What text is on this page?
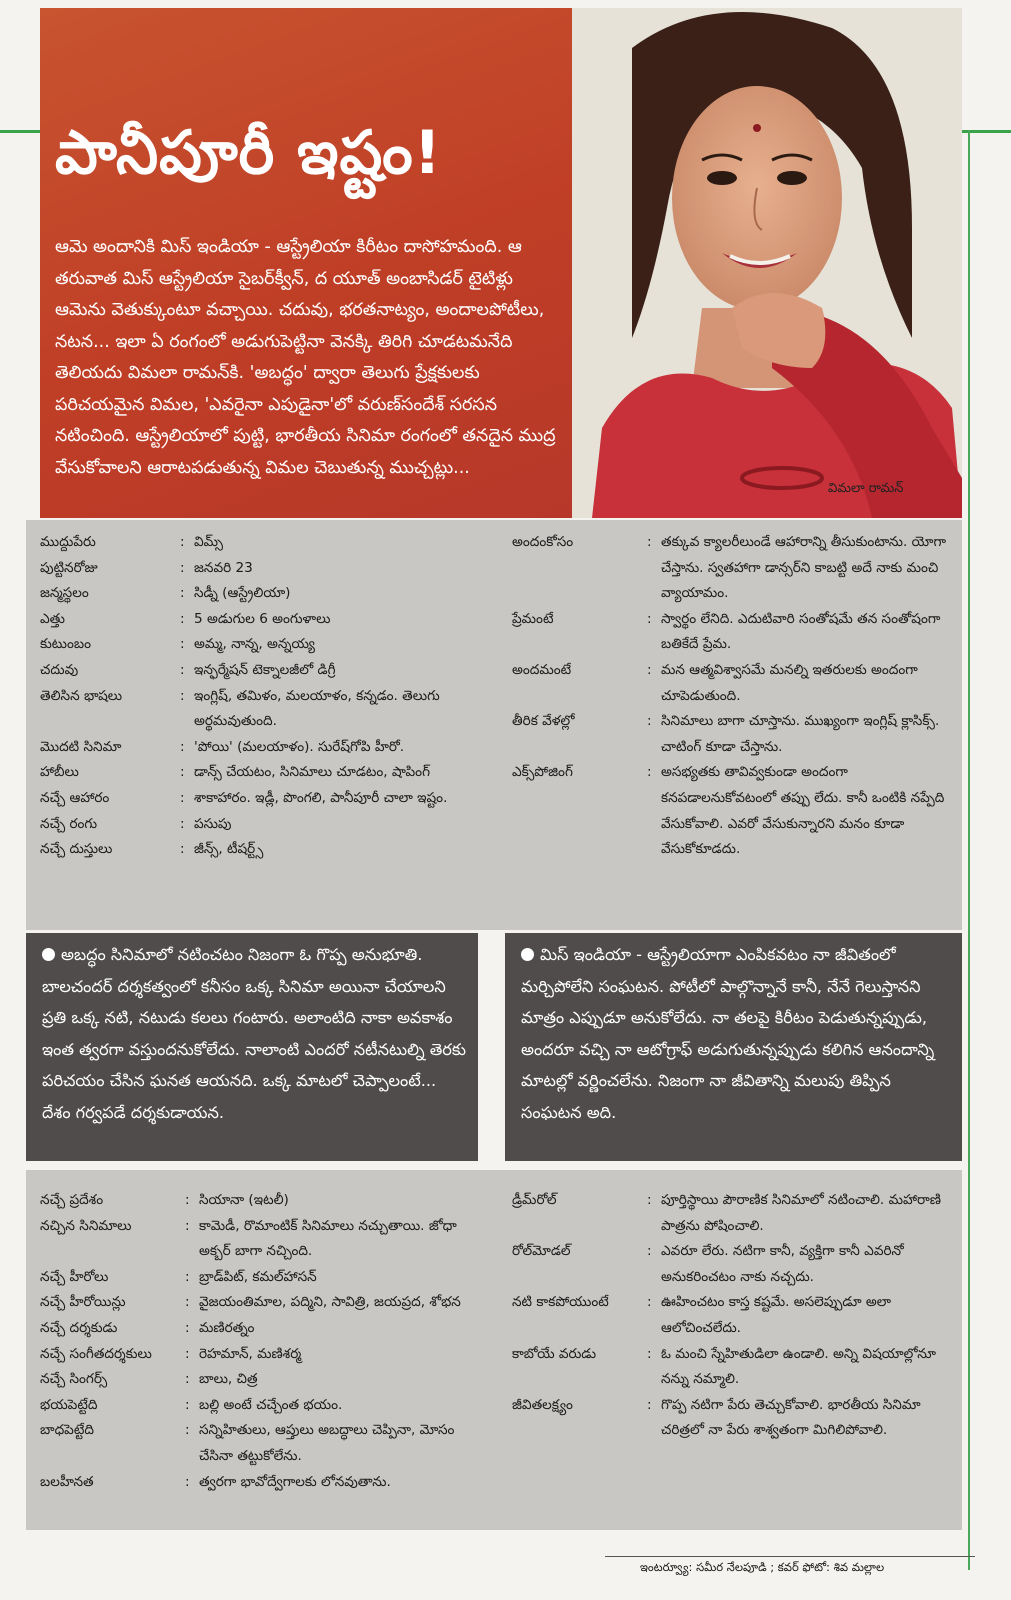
పానీపూరీ ఇష్టం!
ఆమె అందానికి మిస్ ఇండియా - ఆస్ట్రేలియా కిరీటం దాసోహమంది. ఆ తరువాత మిస్ ఆస్ట్రేలియా సైబర్‌క్వీన్, ద యూత్ అంబాసిడర్ టైటిళ్లు ఆమెను వెతుక్కుంటూ వచ్చాయి. చదువు, భరతనాట్యం, అందాలపోటీలు, నటన... ఇలా ఏ రంగంలో అడుగుపెట్టినా వెనక్కి తిరిగి చూడటమనేది తెలియదు విమలా రామన్‌కి. 'అబద్ధం' ద్వారా తెలుగు ప్రేక్షకులకు పరిచయమైన విమల, 'ఎవరైనా ఎపుడైనా'లో వరుణ్‌సందేశ్ సరసన నటించింది. ఆస్ట్రేలియాలో పుట్టి, భారతీయ సినిమా రంగంలో తనదైన ముద్ర వేసుకోవాలని ఆరాటపడుతున్న విమల చెబుతున్న ముచ్చట్లు...
విమలా రామన్
ముద్దుపేరు	:	విమ్స్
పుట్టినరోజు	:	జనవరి 23
జన్మస్థలం	:	సిడ్నీ (ఆస్ట్రేలియా)
ఎత్తు	:	5 అడుగుల 6 అంగుళాలు
కుటుంబం	:	అమ్మ, నాన్న, అన్నయ్య
చదువు	:	ఇన్ఫర్మేషన్ టెక్నాలజీలో డిగ్రీ
తెలిసిన భాషలు	:	ఇంగ్లిష్, తమిళం, మలయాళం, కన్నడం. తెలుగు అర్థమవుతుంది.
మొదటి సినిమా	:	'పోయి' (మలయాళం). సురేష్‌గోపి హీరో.
హాబీలు	:	డాన్స్ చేయటం, సినిమాలు చూడటం, షాపింగ్
నచ్చే ఆహారం	:	శాకాహారం. ఇడ్లీ, పొంగలి, పానీపూరీ చాలా ఇష్టం.
నచ్చే రంగు	:	పసుపు
నచ్చే దుస్తులు	:	జీన్స్, టీషర్ట్స్
అందంకోసం	:	తక్కువ క్యాలరీలుండే ఆహారాన్ని తీసుకుంటాను. యోగా చేస్తాను. స్వతహాగా డాన్సర్‌ని కాబట్టి అదే నాకు మంచి వ్యాయామం.
ప్రేమంటే	:	స్వార్థం లేనిది. ఎదుటివారి సంతోషమే తన సంతోషంగా బతికేదే ప్రేమ.
అందమంటే	:	మన ఆత్మవిశ్వాసమే మనల్ని ఇతరులకు అందంగా చూపెడుతుంది.
తీరిక వేళల్లో	:	సినిమాలు బాగా చూస్తాను. ముఖ్యంగా ఇంగ్లిష్ క్లాసిక్స్. చాటింగ్ కూడా చేస్తాను.
ఎక్స్‌పోజింగ్	:	అసభ్యతకు తావివ్వకుండా అందంగా కనపడాలనుకోవటంలో తప్పు లేదు. కానీ ఒంటికి నప్పేది వేసుకోవాలి. ఎవరో వేసుకున్నారని మనం కూడా వేసుకోకూడదు.
అబద్ధం సినిమాలో నటించటం నిజంగా ఓ గొప్ప అనుభూతి. బాలచందర్ దర్శకత్వంలో కనీసం ఒక్క సినిమా అయినా చేయాలని ప్రతి ఒక్క నటి, నటుడు కలలు గంటారు. అలాంటిది నాకా అవకాశం ఇంత త్వరగా వస్తుందనుకోలేదు. నాలాంటి ఎందరో నటీనటుల్ని తెరకు పరిచయం చేసిన ఘనత ఆయనది. ఒక్క మాటలో చెప్పాలంటే... దేశం గర్వపడే దర్శకుడాయన.
మిస్ ఇండియా - ఆస్ట్రేలియాగా ఎంపికవటం నా జీవితంలో మర్చిపోలేని సంఘటన. పోటీలో పాల్గొన్నానే కానీ, నేనే గెలుస్తానని మాత్రం ఎప్పుడూ అనుకోలేదు. నా తలపై కిరీటం పెడుతున్నప్పుడు, అందరూ వచ్చి నా ఆటోగ్రాఫ్ అడుగుతున్నప్పుడు కలిగిన ఆనందాన్ని మాటల్లో వర్ణించలేను. నిజంగా నా జీవితాన్ని మలుపు తిప్పిన సంఘటన అది.
నచ్చే ప్రదేశం	:	సియానా (ఇటలీ)
నచ్చిన సినిమాలు	:	కామెడీ, రొమాంటిక్ సినిమాలు నచ్చుతాయి. జోధా అక్బర్ బాగా నచ్చింది.
నచ్చే హీరోలు	:	బ్రాడ్‌పిట్, కమల్‌హాసన్
నచ్చే హీరోయిన్లు	:	వైజయంతిమాల, పద్మిని, సావిత్రి, జయప్రద, శోభన
నచ్చే దర్శకుడు	:	మణిరత్నం
నచ్చే సంగీతదర్శకులు	:	రెహమాన్, మణిశర్మ
నచ్చే సింగర్స్	:	బాలు, చిత్ర
భయపెట్టేది	:	బల్లి అంటే చచ్చేంత భయం.
బాధపెట్టేది	:	సన్నిహితులు, ఆప్తులు అబద్ధాలు చెప్పినా, మోసం చేసినా తట్టుకోలేను.
బలహీనత	:	త్వరగా భావోద్వేగాలకు లోనవుతాను.
డ్రీమ్‌రోల్	:	పూర్తిస్థాయి పౌరాణిక సినిమాలో నటించాలి. మహారాణి పాత్రను పోషించాలి.
రోల్‌మోడల్	:	ఎవరూ లేరు. నటిగా కానీ, వ్యక్తిగా కానీ ఎవరినో అనుకరించటం నాకు నచ్చదు.
నటి కాకపోయుంటే	:	ఊహించటం కాస్త కష్టమే. అసలెప్పుడూ అలా ఆలోచించలేదు.
కాబోయే వరుడు	:	ఓ మంచి స్నేహితుడిలా ఉండాలి. అన్ని విషయాల్లోనూ నన్ను నమ్మాలి.
జీవితలక్ష్యం	:	గొప్ప నటిగా పేరు తెచ్చుకోవాలి. భారతీయ సినిమా చరిత్రలో నా పేరు శాశ్వతంగా మిగిలిపోవాలి.
ఇంటర్వ్యూ: సమీర నేలపూడి ; కవర్ ఫోటో: శివ మల్లాల
